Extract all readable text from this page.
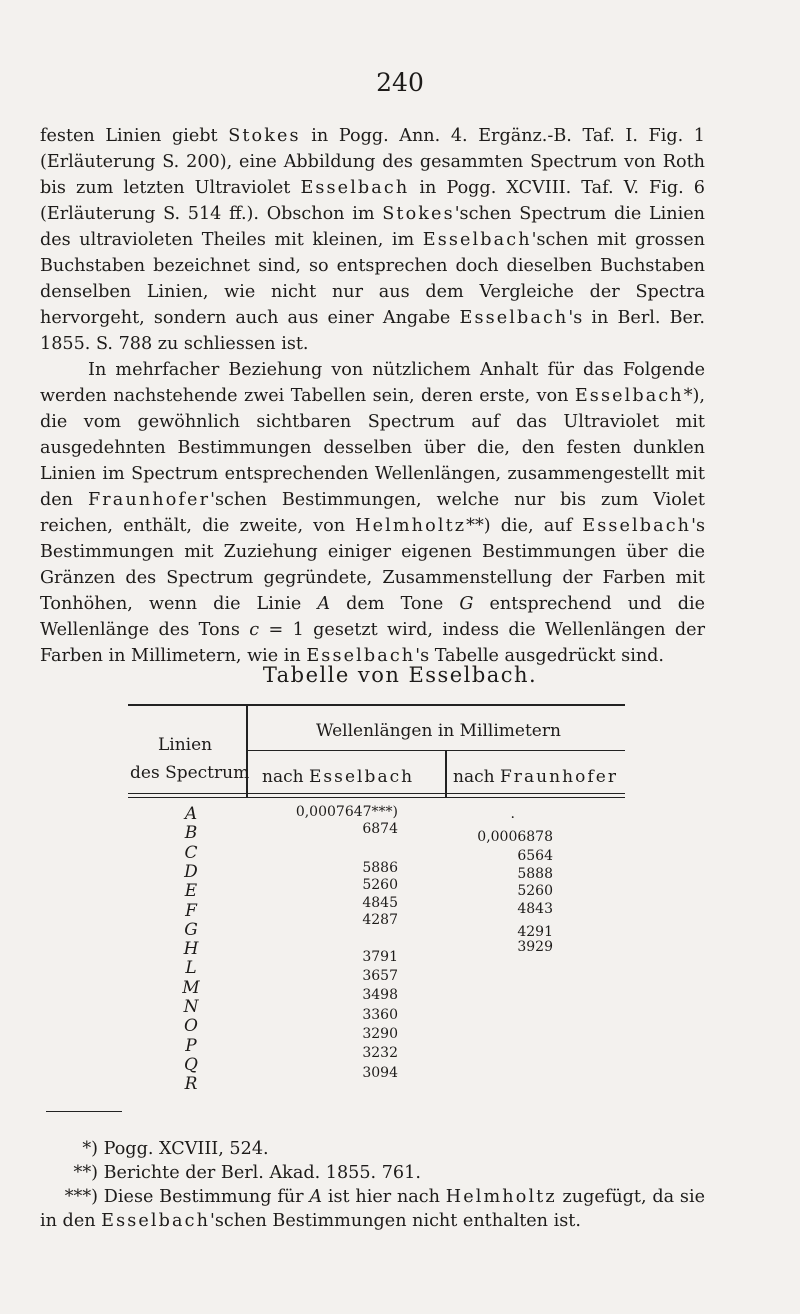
240

festen Linien giebt Stokes in Pogg. Ann. 4. Ergänz.-B. Taf. I. Fig. 1 (Erläuterung S. 200), eine Abbildung des gesammten Spectrum von Roth bis zum letzten Ultraviolet Esselbach in Pogg. XCVIII. Taf. V. Fig. 6 (Erläuterung S. 514 ff.). Obschon im Stokes'schen Spectrum die Linien des ultravioleten Theiles mit kleinen, im Esselbach'schen mit grossen Buchstaben bezeichnet sind, so entsprechen doch dieselben Buchstaben denselben Linien, wie nicht nur aus dem Vergleiche der Spectra hervorgeht, sondern auch aus einer Angabe Esselbach's in Berl. Ber. 1855. S. 788 zu schliessen ist.

In mehrfacher Beziehung von nützlichem Anhalt für das Folgende werden nachstehende zwei Tabellen sein, deren erste, von Esselbach*), die vom gewöhnlich sichtbaren Spectrum auf das Ultraviolet mit ausgedehnten Bestimmungen desselben über die, den festen dunklen Linien im Spectrum entsprechenden Wellenlängen, zusammengestellt mit den Fraunhofer'schen Bestimmungen, welche nur bis zum Violet reichen, enthält, die zweite, von Helmholtz**) die, auf Esselbach's Bestimmungen mit Zuziehung einiger eigenen Bestimmungen über die Gränzen des Spectrum gegründete, Zusammenstellung der Farben mit Tonhöhen, wenn die Linie A dem Tone G entsprechend und die Wellenlänge des Tons c = 1 gesetzt wird, indess die Wellenlängen der Farben in Millimetern, wie in Esselbach's Tabelle ausgedrückt sind.

Tabelle von Esselbach.
Linien
des Spectrum
Wellenlängen in Millimetern
nach Esselbach nach Fraunhofer
A
B
C
D
E
F
G
H
L
M
N
O
P
Q
R
0,0007647***)
6874
5886
5260
4845
4287
3791
3657
3498
3360
3290
3232
3094
.
0,0006878
6564
5888
5260
4843
4291
3929
*) Pogg. XCVIII, 524.
**) Berichte der Berl. Akad. 1855. 761.
***) Diese Bestimmung für A ist hier nach Helmholtz zugefügt, da sie in den Esselbach'schen Bestimmungen nicht enthalten ist.
